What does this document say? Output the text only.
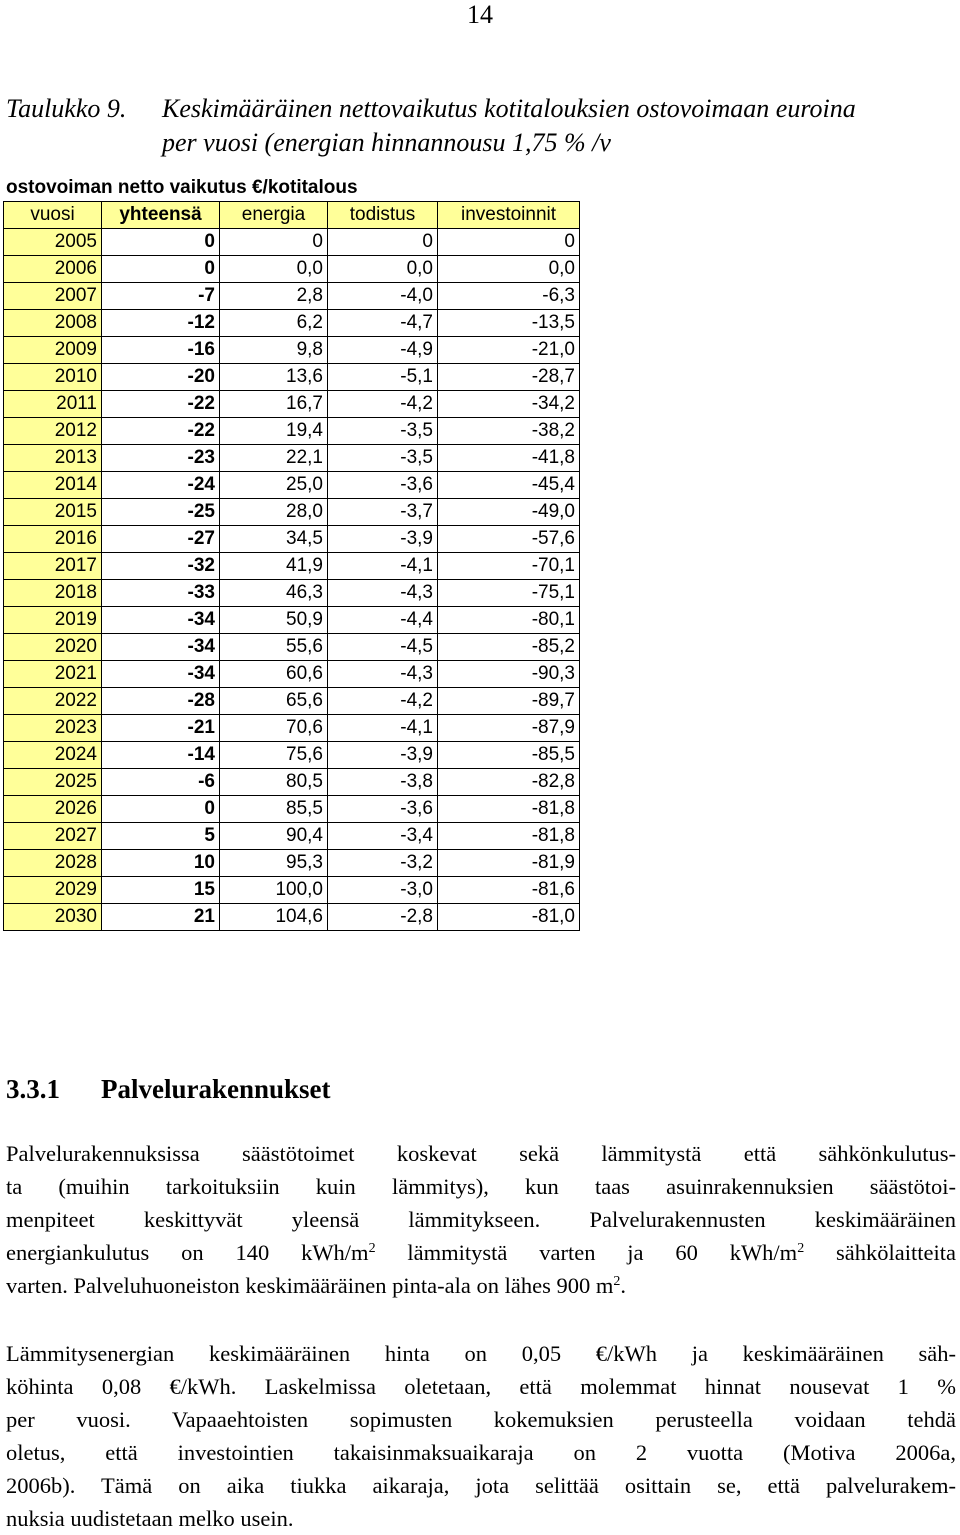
14
Taulukko 9. Keskimääräinen nettovaikutus kotitalouksien ostovoimaan euroina
per vuosi (energian hinnannousu 1,75 % /v
ostovoiman netto vaikutus €/kotitalous
vuosi	yhteensä	energia	todistus	investoinnit
2005	0	0	0	0
2006	0	0,0	0,0	0,0
2007	-7	2,8	-4,0	-6,3
2008	-12	6,2	-4,7	-13,5
2009	-16	9,8	-4,9	-21,0
2010	-20	13,6	-5,1	-28,7
2011	-22	16,7	-4,2	-34,2
2012	-22	19,4	-3,5	-38,2
2013	-23	22,1	-3,5	-41,8
2014	-24	25,0	-3,6	-45,4
2015	-25	28,0	-3,7	-49,0
2016	-27	34,5	-3,9	-57,6
2017	-32	41,9	-4,1	-70,1
2018	-33	46,3	-4,3	-75,1
2019	-34	50,9	-4,4	-80,1
2020	-34	55,6	-4,5	-85,2
2021	-34	60,6	-4,3	-90,3
2022	-28	65,6	-4,2	-89,7
2023	-21	70,6	-4,1	-87,9
2024	-14	75,6	-3,9	-85,5
2025	-6	80,5	-3,8	-82,8
2026	0	85,5	-3,6	-81,8
2027	5	90,4	-3,4	-81,8
2028	10	95,3	-3,2	-81,9
2029	15	100,0	-3,0	-81,6
2030	21	104,6	-2,8	-81,0
3.3.1 Palvelurakennukset
Palvelurakennuksissa säästötoimet koskevat sekä lämmitystä että sähkönkulutus-
ta (muihin tarkoituksiin kuin lämmitys), kun taas asuinrakennuksien säästötoi-
menpiteet keskittyvät yleensä lämmitykseen. Palvelurakennusten keskimääräinen
energiankulutus on 140 kWh/$m^2$ lämmitystä varten ja 60 kWh/$m^2$ sähkölaitteita
varten. Palveluhuoneiston keskimääräinen pinta-ala on lähes 900 $m^2$.
Lämmitysenergian keskimääräinen hinta on 0,05 €/kWh ja keskimääräinen säh-
köhinta 0,08 €/kWh. Laskelmissa oletetaan, että molemmat hinnat nousevat 1 %
per vuosi. Vapaaehtoisten sopimusten kokemuksien perusteella voidaan tehdä
oletus, että investointien takaisinmaksuaikaraja on 2 vuotta (Motiva 2006a,
2006b). Tämä on aika tiukka aikaraja, jota selittää osittain se, että palvelurakem-
nuksia uudistetaan melko usein.
